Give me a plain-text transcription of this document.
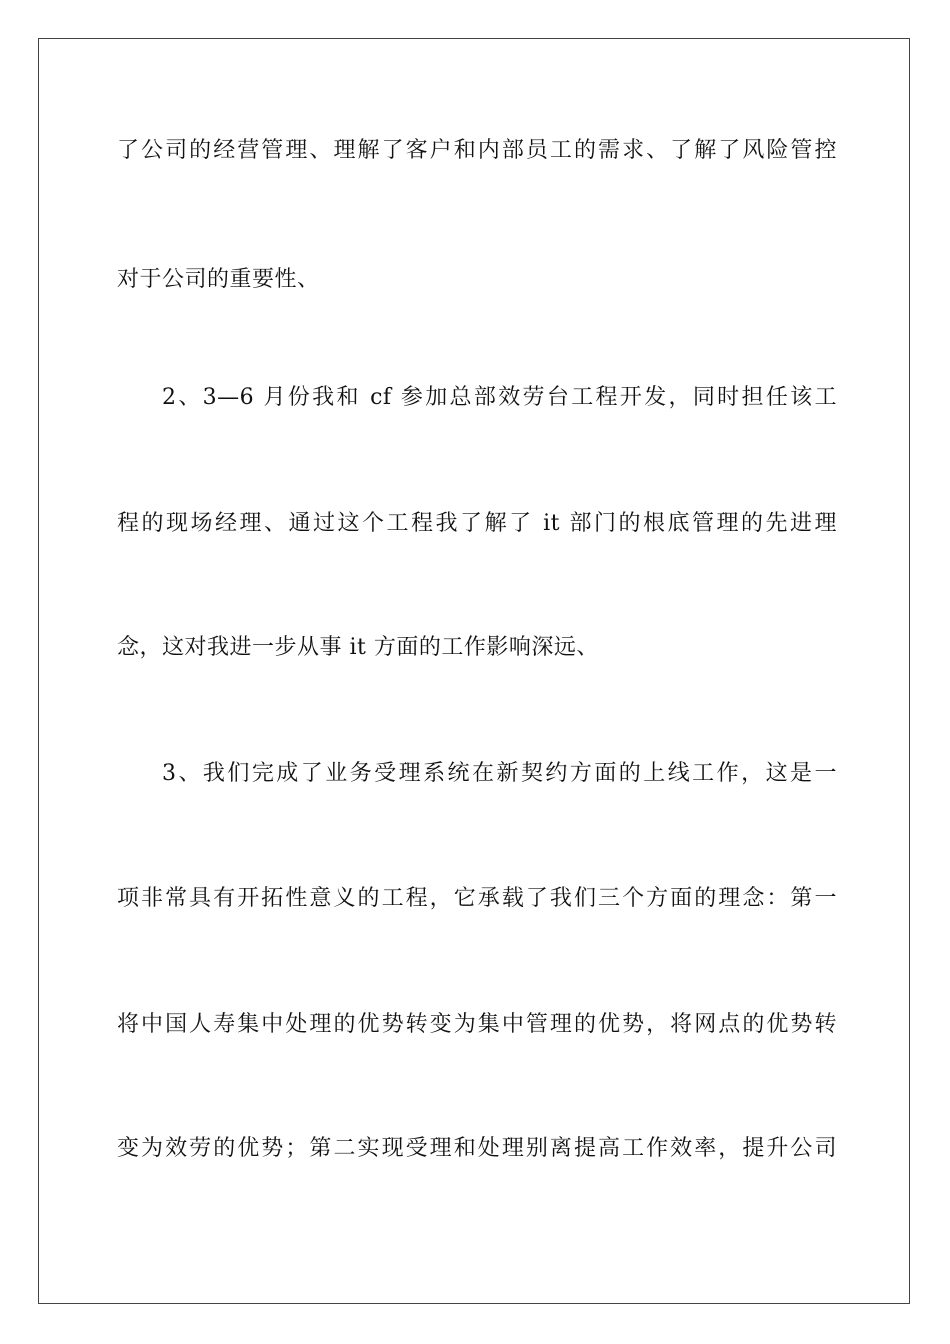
了公司的经营管理、理解了客户和内部员工的需求、了解了风险管控
对于公司的重要性、
2、3—6 月份我和 cf 参加总部效劳台工程开发，同时担任该工
程的现场经理、通过这个工程我了解了 it 部门的根底管理的先进理
念，这对我进一步从事 it 方面的工作影响深远、
3、我们完成了业务受理系统在新契约方面的上线工作，这是一
项非常具有开拓性意义的工程，它承载了我们三个方面的理念：第一
将中国人寿集中处理的优势转变为集中管理的优势，将网点的优势转
变为效劳的优势；第二实现受理和处理别离提高工作效率，提升公司
